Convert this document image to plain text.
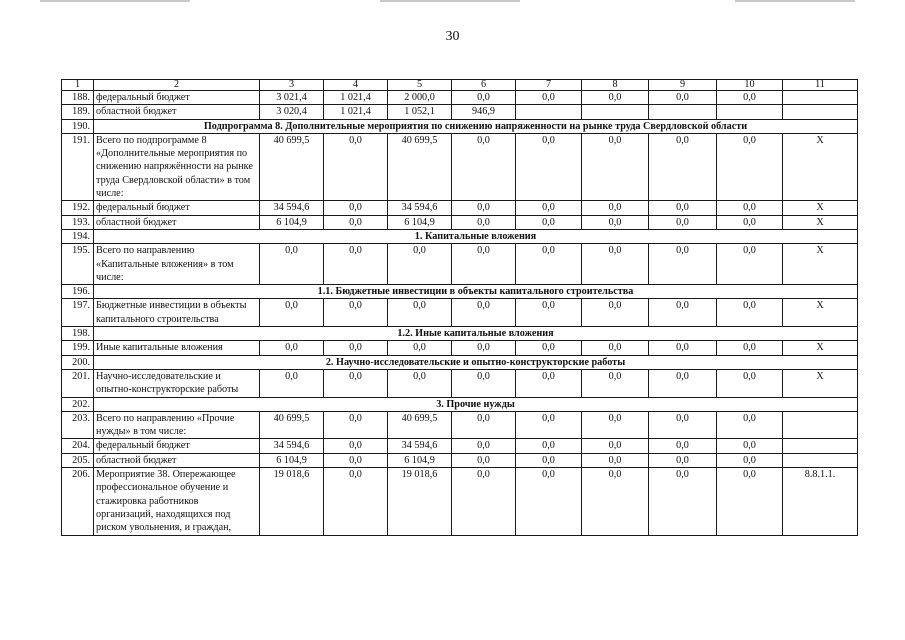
30
1	2	3	4	5	6	7	8	9	10	11
188.	федеральный бюджет	3 021,4	1 021,4	2 000,0	0,0	0,0	0,0	0,0	0,0	
189.	областной бюджет	3 020,4	1 021,4	1 052,1	946,9					
190.	Подпрограмма 8. Дополнительные мероприятия по снижению напряженности на рынке труда Свердловской области									
191.	Всего по подпрограмме 8 «Дополнительные мероприятия по снижению напряжённости на рынке труда Свердловской области» в том числе:	40 699,5	0,0	40 699,5	0,0	0,0	0,0	0,0	0,0	X
192.	федеральный бюджет	34 594,6	0,0	34 594,6	0,0	0,0	0,0	0,0	0,0	X
193.	областной бюджет	6 104,9	0,0	6 104,9	0,0	0,0	0,0	0,0	0,0	X
194.	1. Капитальные вложения									
195.	Всего по направлению «Капитальные вложения» в том числе:	0,0	0,0	0,0	0,0	0,0	0,0	0,0	0,0	X
196.	1.1. Бюджетные инвестиции в объекты капитального строительства									
197.	Бюджетные инвестиции в объекты капитального строительства	0,0	0,0	0,0	0,0	0,0	0,0	0,0	0,0	X
198.	1.2. Иные капитальные вложения									
199.	Иные капитальные вложения	0,0	0,0	0,0	0,0	0,0	0,0	0,0	0,0	X
200.	2. Научно-исследовательские и опытно-конструкторские работы									
201.	Научно-исследовательские и опытно-конструкторские работы	0,0	0,0	0,0	0,0	0,0	0,0	0,0	0,0	X
202.	3. Прочие нужды									
203.	Всего по направлению «Прочие нужды» в том числе:	40 699,5	0,0	40 699,5	0,0	0,0	0,0	0,0	0,0	
204.	федеральный бюджет	34 594,6	0,0	34 594,6	0,0	0,0	0,0	0,0	0,0	
205.	областной бюджет	6 104,9	0,0	6 104,9	0,0	0,0	0,0	0,0	0,0	
206.	Мероприятие 38. Опережающее профессиональное обучение и стажировка работников организаций, находящихся под риском увольнения, и граждан,	19 018,6	0,0	19 018,6	0,0	0,0	0,0	0,0	0,0	8.8.1.1.
